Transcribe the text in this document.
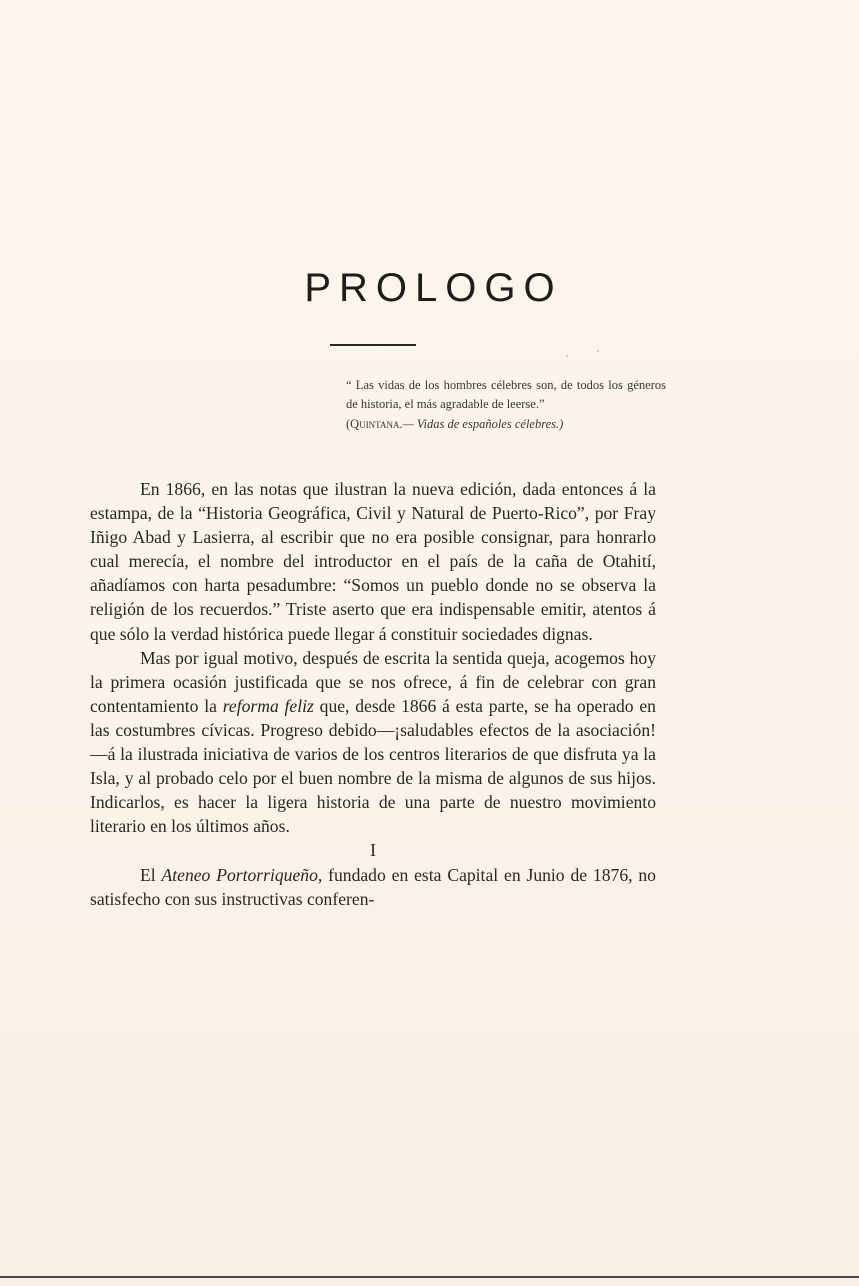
PROLOGO
“ Las vidas de los hombres célebres son, de todos los géneros de historia, el más agradable de leerse.”
(Quintana.— Vidas de españoles célebres.)

En 1866, en las notas que ilustran la nueva edición, dada entonces á la estampa, de la “Historia Geográfica, Civil y Natural de Puerto-Rico”, por Fray Iñigo Abad y Lasierra, al escribir que no era posible consignar, para honrarlo cual merecía, el nombre del introductor en el país de la caña de Otahití, añadíamos con harta pesadumbre: “Somos un pueblo donde no se observa la religión de los recuerdos.” Triste aserto que era indispensable emitir, atentos á que sólo la verdad histórica puede llegar á constituir sociedades dignas.

Mas por igual motivo, después de escrita la sentida queja, acogemos hoy la primera ocasión justificada que se nos ofrece, á fin de celebrar con gran contentamiento la reforma feliz que, desde 1866 á esta parte, se ha operado en las costumbres cívicas. Progreso debido—¡saludables efectos de la asociación!—á la ilustrada iniciativa de varios de los centros literarios de que disfruta ya la Isla, y al probado celo por el buen nombre de la misma de algunos de sus hijos. Indicarlos, es hacer la ligera historia de una parte de nuestro movimiento literario en los últimos años.

I

El Ateneo Portorriqueño, fundado en esta Capital en Junio de 1876, no satisfecho con sus instructivas conferen-
